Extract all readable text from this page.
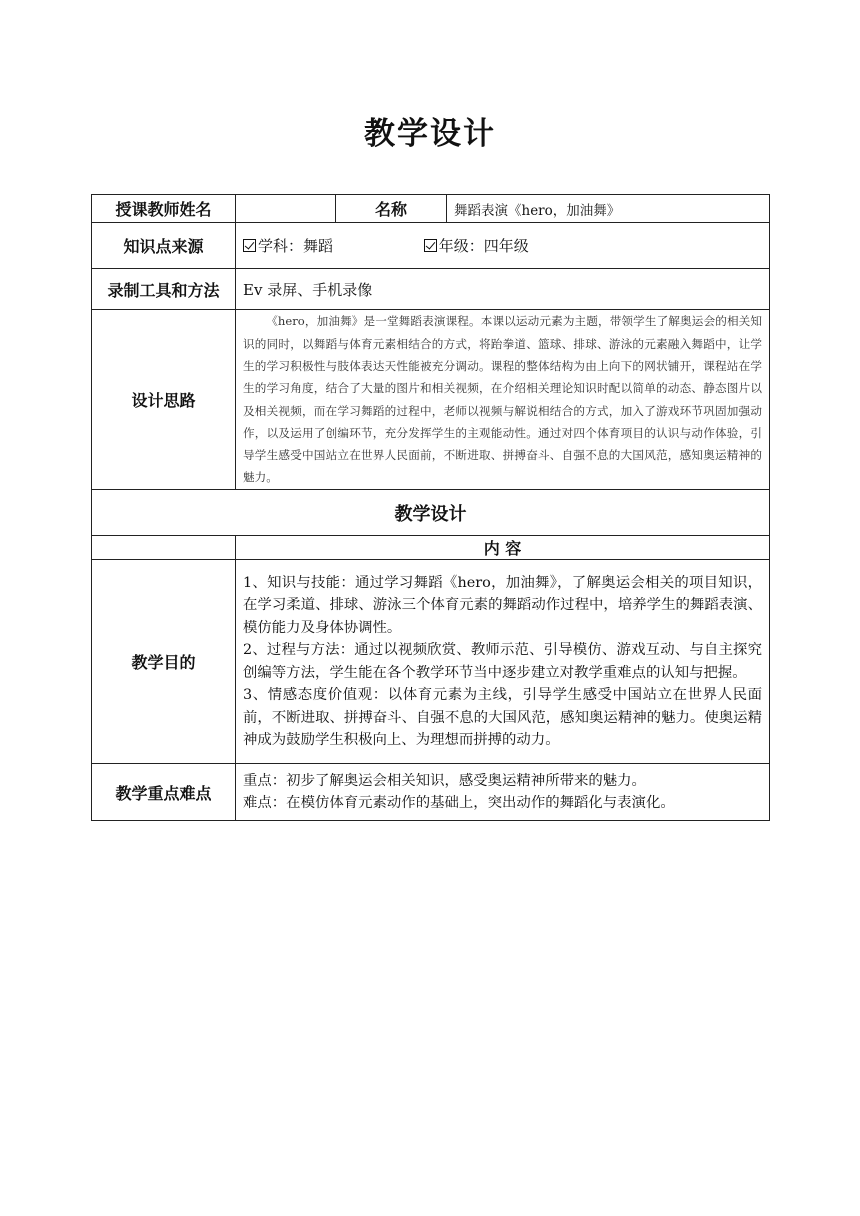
教学设计
授课教师姓名		名称	舞蹈表演《hero，加油舞》
知识点来源	学科：舞蹈 年级：四年级		
录制工具和方法	Ev 录屏、手机录像		
设计思路	《hero，加油舞》是一堂舞蹈表演课程。本课以运动元素为主题，带领学生了解奥运会的相关知识的同时，以舞蹈与体育元素相结合的方式，将跆拳道、篮球、排球、游泳的元素融入舞蹈中，让学生的学习积极性与肢体表达天性能被充分调动。课程的整体结构为由上向下的网状铺开，课程站在学生的学习角度，结合了大量的图片和相关视频，在介绍相关理论知识时配以简单的动态、静态图片以及相关视频，而在学习舞蹈的过程中，老师以视频与解说相结合的方式，加入了游戏环节巩固加强动作，以及运用了创编环节，充分发挥学生的主观能动性。通过对四个体育项目的认识与动作体验，引导学生感受中国站立在世界人民面前，不断进取、拼搏奋斗、自强不息的大国风范，感知奥运精神的魅力。		

教学设计			
	内 容		
教学目的	1、知识与技能：通过学习舞蹈《hero，加油舞》，了解奥运会相关的项目知识，在学习柔道、排球、游泳三个体育元素的舞蹈动作过程中，培养学生的舞蹈表演、模仿能力及身体协调性。

2、过程与方法：通过以视频欣赏、教师示范、引导模仿、游戏互动、与自主探究创编等方法，学生能在各个教学环节当中逐步建立对教学重难点的认知与把握。

3、情感态度价值观：以体育元素为主线，引导学生感受中国站立在世界人民面前，不断进取、拼搏奋斗、自强不息的大国风范，感知奥运精神的魅力。使奥运精神成为鼓励学生积极向上、为理想而拼搏的动力。		

教学重点难点	重点：初步了解奥运会相关知识，感受奥运精神所带来的魅力。

难点：在模仿体育元素动作的基础上，突出动作的舞蹈化与表演化。		
